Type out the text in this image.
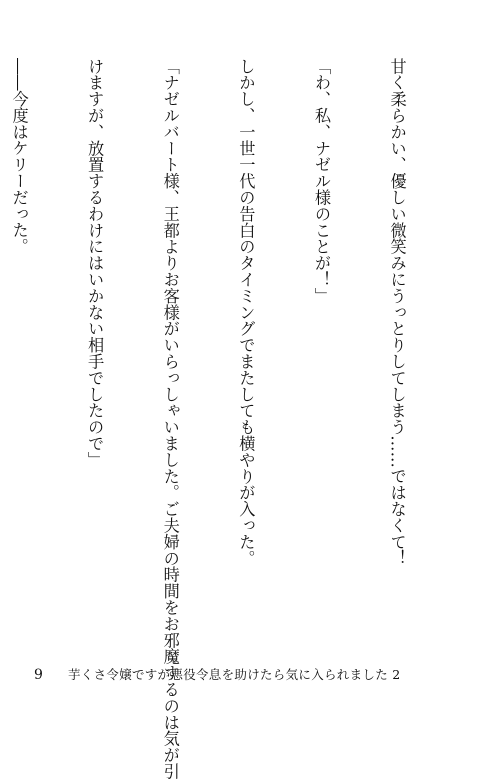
甘く柔らかい、優しい微笑みにうっとりしてしまう……ではなくて！

「わ、私、ナゼル様のことが！」

しかし、一世一代の告白のタイミングでまたしても横やりが入った。

「ナゼルバート様、王都よりお客様がいらっしゃいました。ご夫婦の時間をお邪魔するのは気が引

けますが、放置するわけにはいかない相手でしたので」

――今度はケリーだった。

9	芋くさ令嬢ですが悪役令息を助けたら気に入られました 2
